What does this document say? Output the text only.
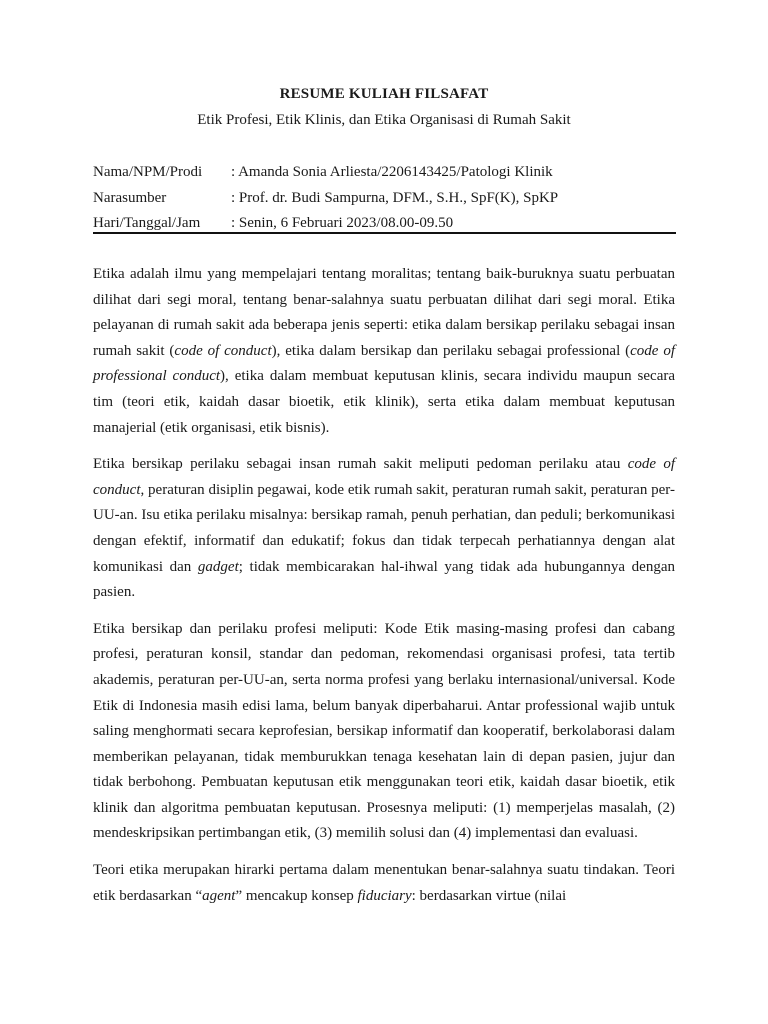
RESUME KULIAH FILSAFAT
Etik Profesi, Etik Klinis, dan Etika Organisasi di Rumah Sakit
Nama/NPM/Prodi	: Amanda Sonia Arliesta/2206143425/Patologi Klinik
Narasumber	: Prof. dr. Budi Sampurna, DFM., S.H., SpF(K), SpKP
Hari/Tanggal/Jam	: Senin, 6 Februari 2023/08.00-09.50

Etika adalah ilmu yang mempelajari tentang moralitas; tentang baik-buruknya suatu perbuatan dilihat dari segi moral, tentang benar-salahnya suatu perbuatan dilihat dari segi moral. Etika pelayanan di rumah sakit ada beberapa jenis seperti: etika dalam bersikap perilaku sebagai insan rumah sakit (code of conduct), etika dalam bersikap dan perilaku sebagai professional (code of professional conduct), etika dalam membuat keputusan klinis, secara individu maupun secara tim (teori etik, kaidah dasar bioetik, etik klinik), serta etika dalam membuat keputusan manajerial (etik organisasi, etik bisnis).

Etika bersikap perilaku sebagai insan rumah sakit meliputi pedoman perilaku atau code of conduct, peraturan disiplin pegawai, kode etik rumah sakit, peraturan rumah sakit, peraturan per-UU-an. Isu etika perilaku misalnya: bersikap ramah, penuh perhatian, dan peduli; berkomunikasi dengan efektif, informatif dan edukatif; fokus dan tidak terpecah perhatiannya dengan alat komunikasi dan gadget; tidak membicarakan hal-ihwal yang tidak ada hubungannya dengan pasien.

Etika bersikap dan perilaku profesi meliputi: Kode Etik masing-masing profesi dan cabang profesi, peraturan konsil, standar dan pedoman, rekomendasi organisasi profesi, tata tertib akademis, peraturan per-UU-an, serta norma profesi yang berlaku internasional/universal. Kode Etik di Indonesia masih edisi lama, belum banyak diperbaharui. Antar professional wajib untuk saling menghormati secara keprofesian, bersikap informatif dan kooperatif, berkolaborasi dalam memberikan pelayanan, tidak memburukkan tenaga kesehatan lain di depan pasien, jujur dan tidak berbohong. Pembuatan keputusan etik menggunakan teori etik, kaidah dasar bioetik, etik klinik dan algoritma pembuatan keputusan. Prosesnya meliputi: (1) memperjelas masalah, (2) mendeskripsikan pertimbangan etik, (3) memilih solusi dan (4) implementasi dan evaluasi.

Teori etika merupakan hirarki pertama dalam menentukan benar-salahnya suatu tindakan. Teori etik berdasarkan “agent” mencakup konsep fiduciary: berdasarkan virtue (nilai
